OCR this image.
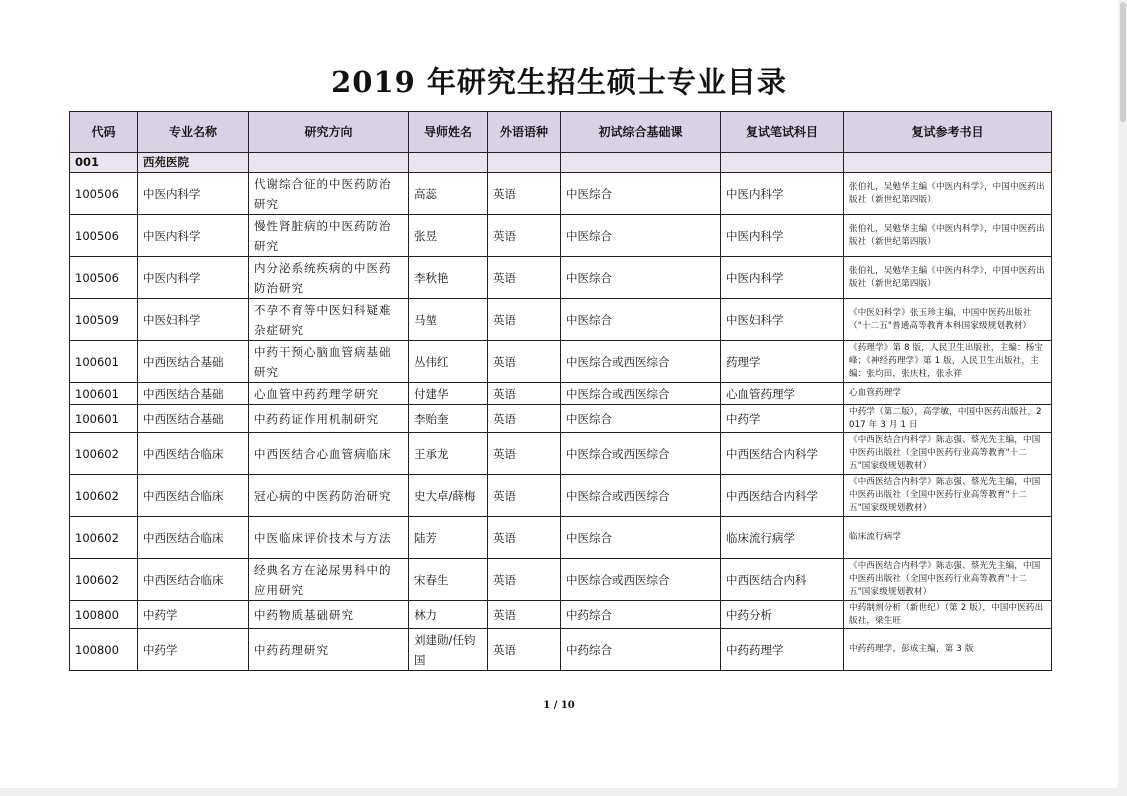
2019 年研究生招生硕士专业目录
代码	专业名称	研究方向	导师姓名	外语语种	初试综合基础课	复试笔试科目	复试参考书目
001	西苑医院						
100506	中医内科学	代谢综合征的中医药防治研究	高蕊	英语	中医综合	中医内科学	张伯礼，吴勉华主编《中医内科学》，中国中医药出版社（新世纪第四版）
100506	中医内科学	慢性肾脏病的中医药防治研究	张昱	英语	中医综合	中医内科学	张伯礼，吴勉华主编《中医内科学》，中国中医药出版社（新世纪第四版）
100506	中医内科学	内分泌系统疾病的中医药防治研究	李秋艳	英语	中医综合	中医内科学	张伯礼，吴勉华主编《中医内科学》，中国中医药出版社（新世纪第四版）
100509	中医妇科学	不孕不育等中医妇科疑难杂症研究	马堃	英语	中医综合	中医妇科学	《中医妇科学》张玉珍主编，中国中医药出版社（"十二五"普通高等教育本科国家级规划教材）
100601	中西医结合基础	中药干预心脑血管病基础研究	丛伟红	英语	中医综合或西医综合	药理学	《药理学》第 8 版，人民卫生出版社，主编：杨宝峰；《神经药理学》第 1 版，人民卫生出版社，主编：张均田，张庆柱，张永祥
100601	中西医结合基础	心血管中药药理学研究	付建华	英语	中医综合或西医综合	心血管药理学	心血管药理学
100601	中西医结合基础	中药药证作用机制研究	李贻奎	英语	中医综合	中药学	中药学（第二版），高学敏，中国中医药出版社，2017 年 3 月 1 日
100602	中西医结合临床	中西医结合心血管病临床	王承龙	英语	中医综合或西医综合	中西医结合内科学	《中西医结合内科学》陈志强、蔡光先主编，中国中医药出版社（全国中医药行业高等教育"十二五"国家级规划教材）
100602	中西医结合临床	冠心病的中医药防治研究	史大卓/薛梅	英语	中医综合或西医综合	中西医结合内科学	《中西医结合内科学》陈志强、蔡光先主编，中国中医药出版社（全国中医药行业高等教育"十二五"国家级规划教材）
100602	中西医结合临床	中医临床评价技术与方法	陆芳	英语	中医综合	临床流行病学	临床流行病学
100602	中西医结合临床	经典名方在泌尿男科中的应用研究	宋春生	英语	中医综合或西医综合	中西医结合内科	《中西医结合内科学》陈志强、蔡光先主编，中国中医药出版社（全国中医药行业高等教育"十二五"国家级规划教材）
100800	中药学	中药物质基础研究	林力	英语	中药综合	中药分析	中药制剂分析（新世纪）（第 2 版），中国中医药出版社，梁生旺
100800	中药学	中药药理研究	刘建勋/任钧国	英语	中药综合	中药药理学	中药药理学，彭成主编，第 3 版
1 / 10
